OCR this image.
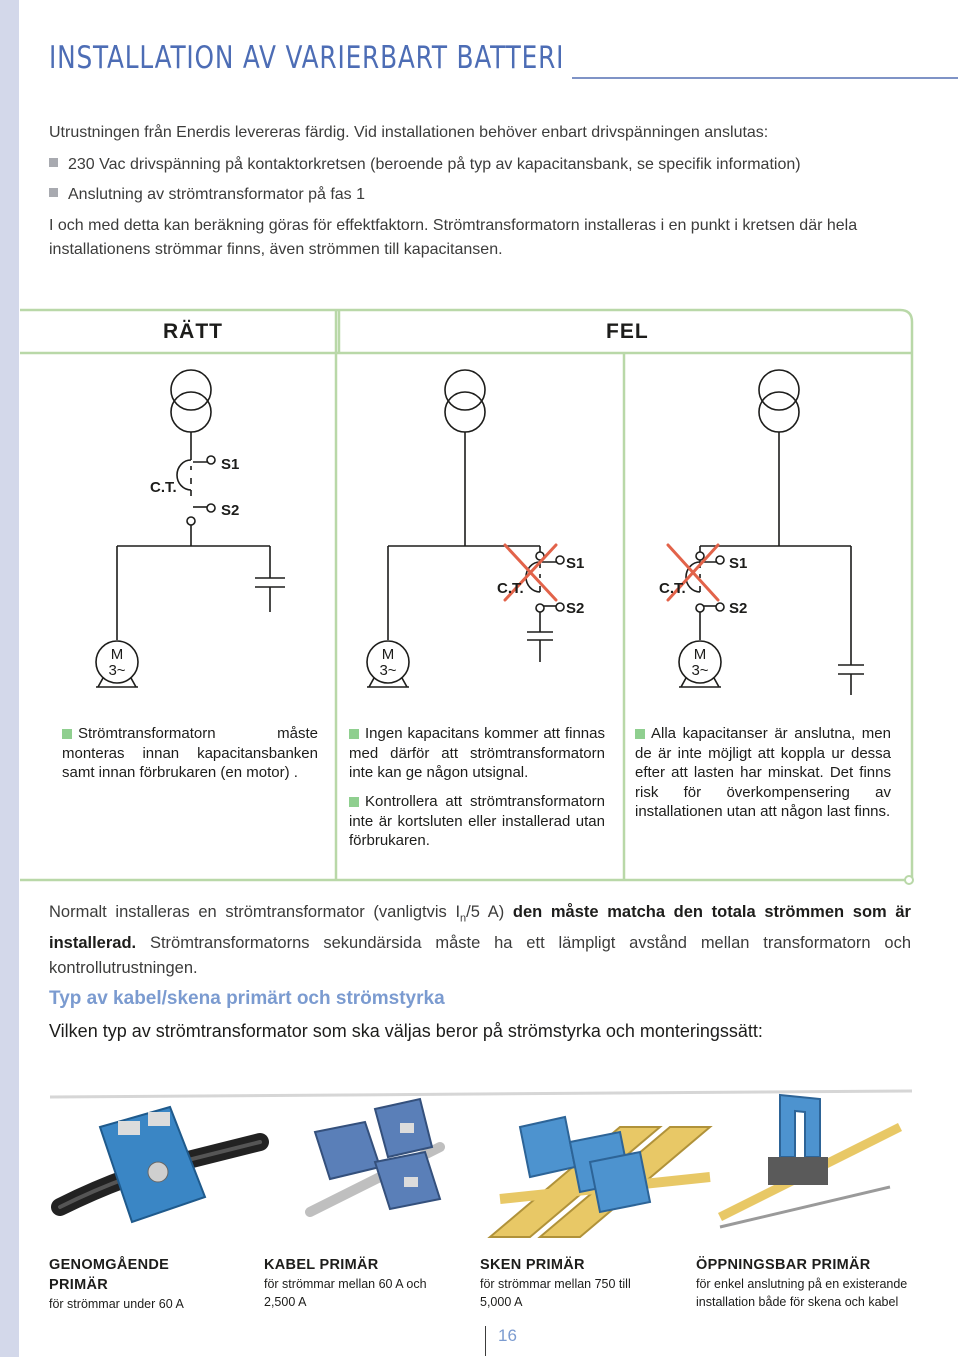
INSTALLATION AV VARIERBART BATTERI
Utrustningen från Enerdis levereras färdig. Vid installationen behöver enbart drivspänningen anslutas:
230 Vac drivspänning på kontaktorkretsen (beroende på typ av kapacitansbank, se specifik information)
Anslutning av strömtransformator på fas 1
I och med detta kan beräkning göras för effektfaktorn. Strömtransformatorn installeras i en punkt i kretsen där hela
installationens strömmar finns, även strömmen till kapacitansen.
RÄTT	FEL
C.T.
S1
S2
C.T.
S1
S2
C.T.
S1
S2
M
3~
M
3~
M
3~
Strömtransformatorn måste monteras innan kapacitansbanken samt innan förbrukaren (en motor) .
Ingen kapacitans kommer att finnas med därför att strömtransformatorn inte kan ge någon utsignal.
Kontrollera att strömtransformatorn inte är kortsluten eller installerad utan förbrukaren.
Alla kapacitanser är anslutna, men de är inte möjligt att koppla ur dessa efter att lasten har minskat. Det finns risk för överkompensering av installationen utan att någon last finns.
Normalt installeras en strömtransformator (vanligtvis $I_n/5$ A) den måste matcha den totala strömmen som är installerad. Strömtransformatorns sekundärsida måste ha ett lämpligt avstånd mellan transformatorn och kontrollutrustningen.
Typ av kabel/skena primärt och strömstyrka
Vilken typ av strömtransformator som ska väljas beror på strömstyrka och monteringssätt:
GENOMGÅENDE PRIMÄR
för strömmar under 60 A
KABEL PRIMÄR
för strömmar mellan 60 A och 2,500 A
SKEN PRIMÄR
för strömmar mellan 750 till 5,000 A
ÖPPNINGSBAR PRIMÄR
för enkel anslutning på en existerande installation både för skena och kabel
16
